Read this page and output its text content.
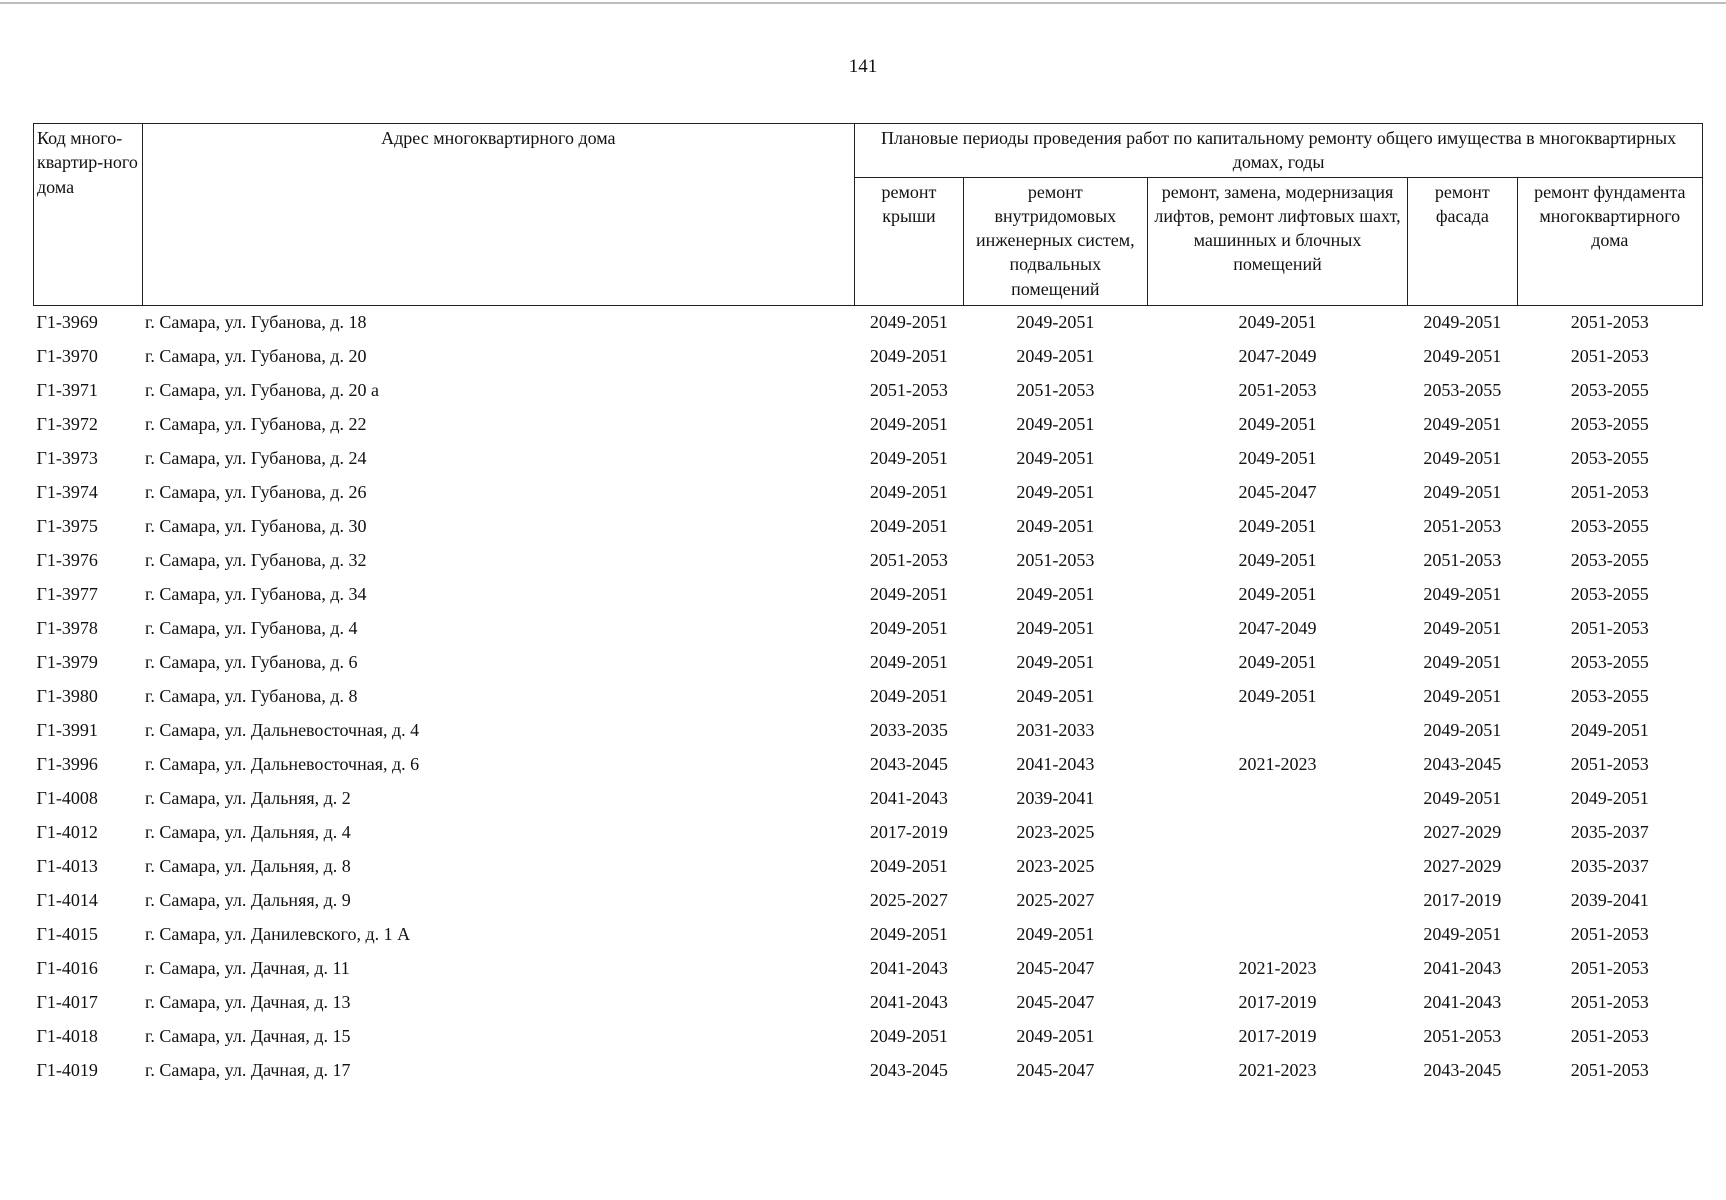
141
Код много-квартир-ного дома	Адрес многоквартирного дома	Плановые периоды проведения работ по капитальному ремонту общего имущества в многоквартирных домах, годы				
		ремонт крыши	ремонт внутридомовых инженерных систем, подвальных помещений	ремонт, замена, модернизация лифтов, ремонт лифтовых шахт, машинных и блочных помещений	ремонт фасада	ремонт фундамента многоквартирного дома
Г1-3969	г. Самара, ул. Губанова, д. 18	2049-2051	2049-2051	2049-2051	2049-2051	2051-2053
Г1-3970	г. Самара, ул. Губанова, д. 20	2049-2051	2049-2051	2047-2049	2049-2051	2051-2053
Г1-3971	г. Самара, ул. Губанова, д. 20 а	2051-2053	2051-2053	2051-2053	2053-2055	2053-2055
Г1-3972	г. Самара, ул. Губанова, д. 22	2049-2051	2049-2051	2049-2051	2049-2051	2053-2055
Г1-3973	г. Самара, ул. Губанова, д. 24	2049-2051	2049-2051	2049-2051	2049-2051	2053-2055
Г1-3974	г. Самара, ул. Губанова, д. 26	2049-2051	2049-2051	2045-2047	2049-2051	2051-2053
Г1-3975	г. Самара, ул. Губанова, д. 30	2049-2051	2049-2051	2049-2051	2051-2053	2053-2055
Г1-3976	г. Самара, ул. Губанова, д. 32	2051-2053	2051-2053	2049-2051	2051-2053	2053-2055
Г1-3977	г. Самара, ул. Губанова, д. 34	2049-2051	2049-2051	2049-2051	2049-2051	2053-2055
Г1-3978	г. Самара, ул. Губанова, д. 4	2049-2051	2049-2051	2047-2049	2049-2051	2051-2053
Г1-3979	г. Самара, ул. Губанова, д. 6	2049-2051	2049-2051	2049-2051	2049-2051	2053-2055
Г1-3980	г. Самара, ул. Губанова, д. 8	2049-2051	2049-2051	2049-2051	2049-2051	2053-2055
Г1-3991	г. Самара, ул. Дальневосточная, д. 4	2033-2035	2031-2033		2049-2051	2049-2051
Г1-3996	г. Самара, ул. Дальневосточная, д. 6	2043-2045	2041-2043	2021-2023	2043-2045	2051-2053
Г1-4008	г. Самара, ул. Дальняя, д. 2	2041-2043	2039-2041		2049-2051	2049-2051
Г1-4012	г. Самара, ул. Дальняя, д. 4	2017-2019	2023-2025		2027-2029	2035-2037
Г1-4013	г. Самара, ул. Дальняя, д. 8	2049-2051	2023-2025		2027-2029	2035-2037
Г1-4014	г. Самара, ул. Дальняя, д. 9	2025-2027	2025-2027		2017-2019	2039-2041
Г1-4015	г. Самара, ул. Данилевского, д. 1 А	2049-2051	2049-2051		2049-2051	2051-2053
Г1-4016	г. Самара, ул. Дачная, д. 11	2041-2043	2045-2047	2021-2023	2041-2043	2051-2053
Г1-4017	г. Самара, ул. Дачная, д. 13	2041-2043	2045-2047	2017-2019	2041-2043	2051-2053
Г1-4018	г. Самара, ул. Дачная, д. 15	2049-2051	2049-2051	2017-2019	2051-2053	2051-2053
Г1-4019	г. Самара, ул. Дачная, д. 17	2043-2045	2045-2047	2021-2023	2043-2045	2051-2053
